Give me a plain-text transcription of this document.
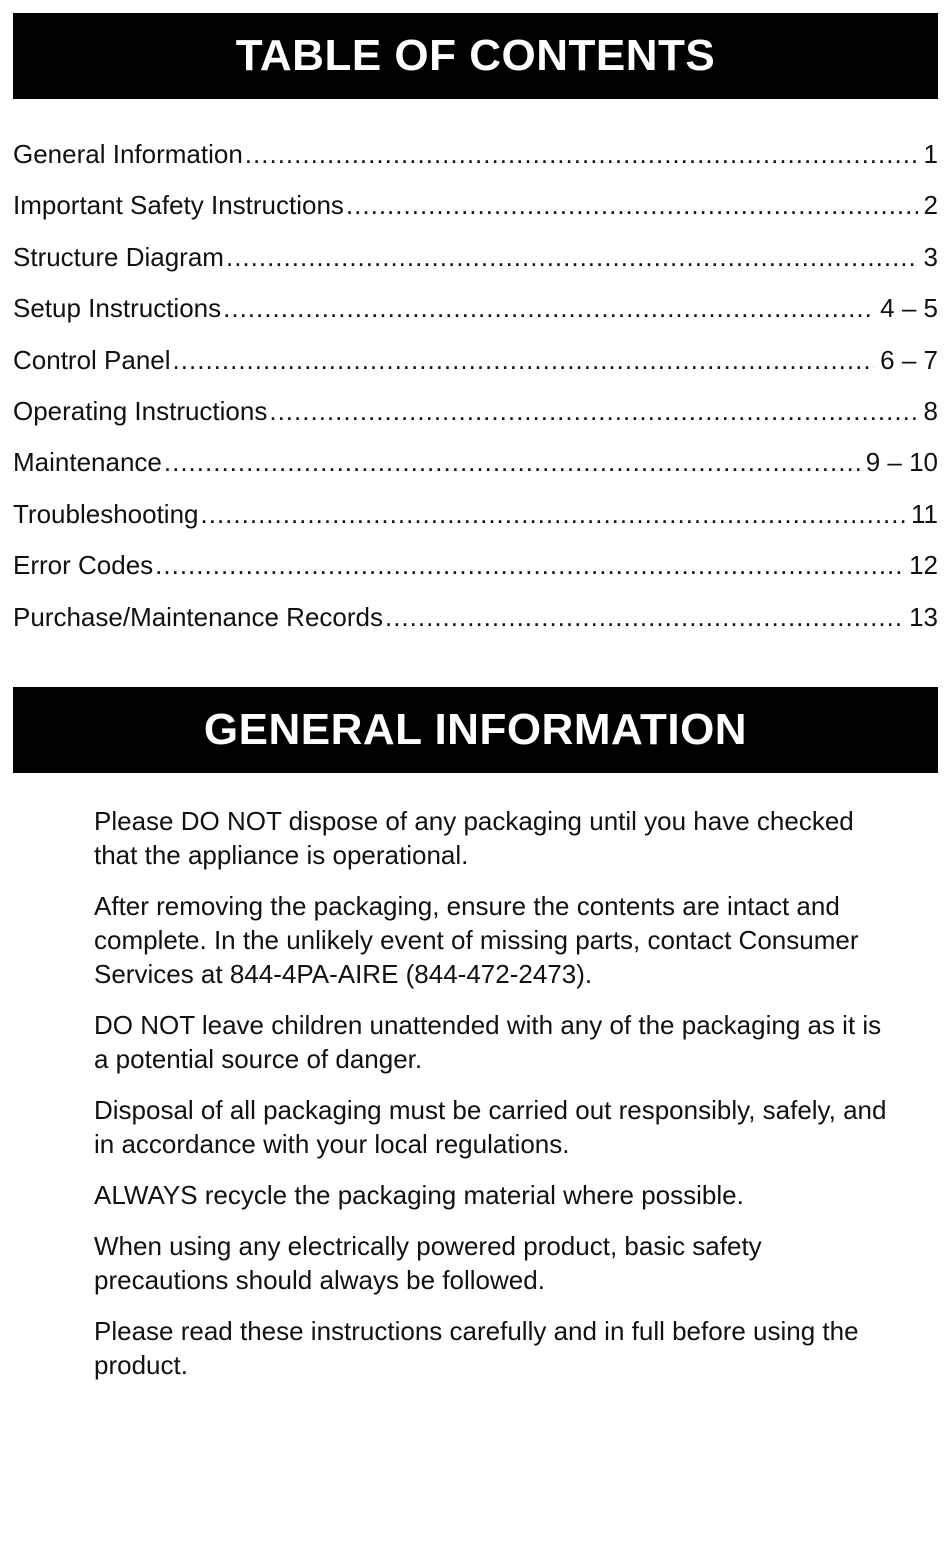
TABLE OF CONTENTS
General Information .....	1
Important Safety Instructions .....	2
Structure Diagram .....	3
Setup Instructions .....	4 – 5
Control Panel .....	6 – 7
Operating Instructions .....	8
Maintenance .....	9 – 10
Troubleshooting .....	11
Error Codes .....	12
Purchase/Maintenance Records .....	13
GENERAL INFORMATION

Please DO NOT dispose of any packaging until you have checked that the appliance is operational.

After removing the packaging, ensure the contents are intact and complete. In the unlikely event of missing parts, contact Consumer Services at 844-4PA-AIRE (844-472-2473).

DO NOT leave children unattended with any of the packaging as it is a potential source of danger.

Disposal of all packaging must be carried out responsibly, safely, and in accordance with your local regulations.

ALWAYS recycle the packaging material where possible.

When using any electrically powered product, basic safety precautions should always be followed.

Please read these instructions carefully and in full before using the product.
